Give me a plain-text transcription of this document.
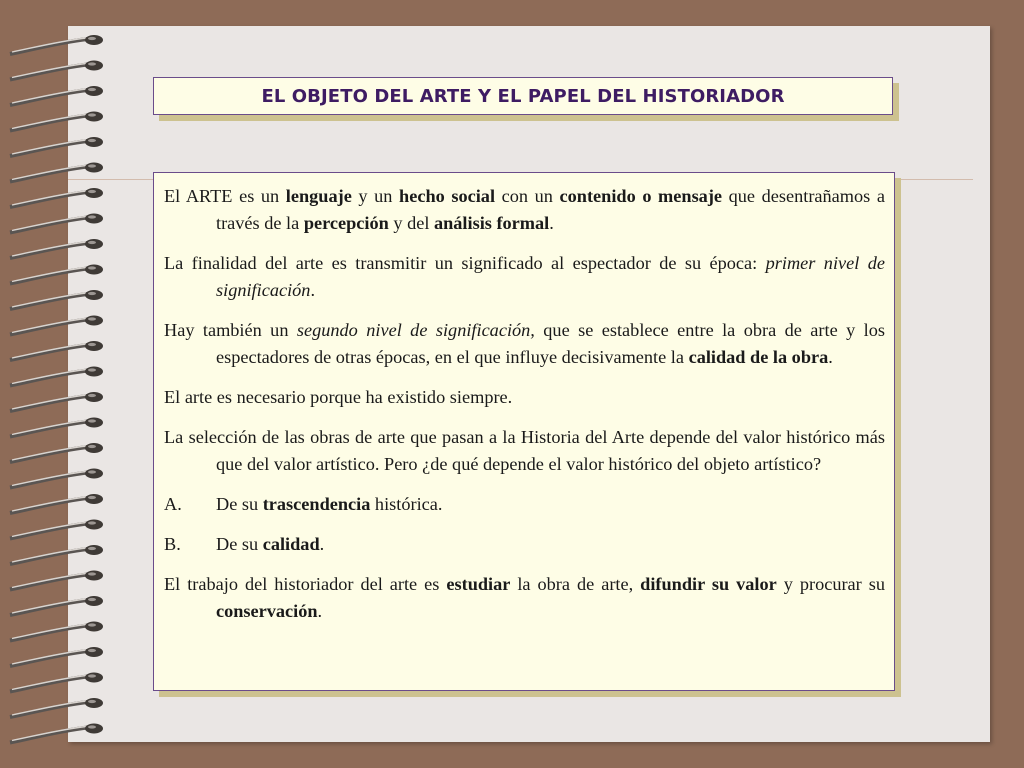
EL OBJETO DEL ARTE Y EL PAPEL DEL HISTORIADOR

El ARTE es un lenguaje y un hecho social con un contenido o mensaje que desentrañamos a través de la percepción y del análisis formal.

La finalidad del arte es transmitir un significado al espectador de su época: primer nivel de significación.

Hay también un segundo nivel de significación, que se establece entre la obra de arte y los espectadores de otras épocas, en el que influye decisivamente la calidad de la obra.

El arte es necesario porque ha existido siempre.

La selección de las obras de arte que pasan a la Historia del Arte depende del valor histórico más que del valor artístico. Pero ¿de qué depende el valor histórico del objeto artístico?

A. De su trascendencia histórica.

B. De su calidad.

El trabajo del historiador del arte es estudiar la obra de arte, difundir su valor y procurar su conservación.
